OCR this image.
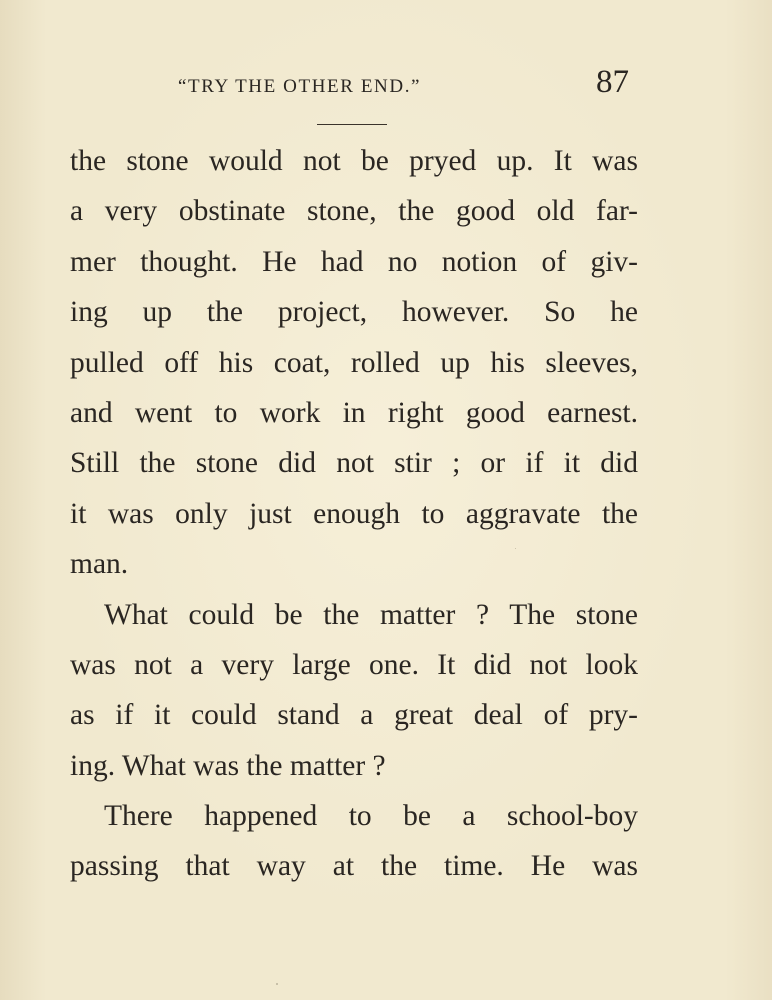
“TRY THE OTHER END.”	87
the stone would not be pryed up. It was
a very obstinate stone, the good old far-
mer thought. He had no notion of giv-
ing up the project, however. So he
pulled off his coat, rolled up his sleeves,
and went to work in right good earnest.
Still the stone did not stir ; or if it did
it was only just enough to aggravate the
man.
What could be the matter ? The stone
was not a very large one. It did not look
as if it could stand a great deal of pry-
ing. What was the matter ?
There happened to be a school-boy
passing that way at the time. He was
